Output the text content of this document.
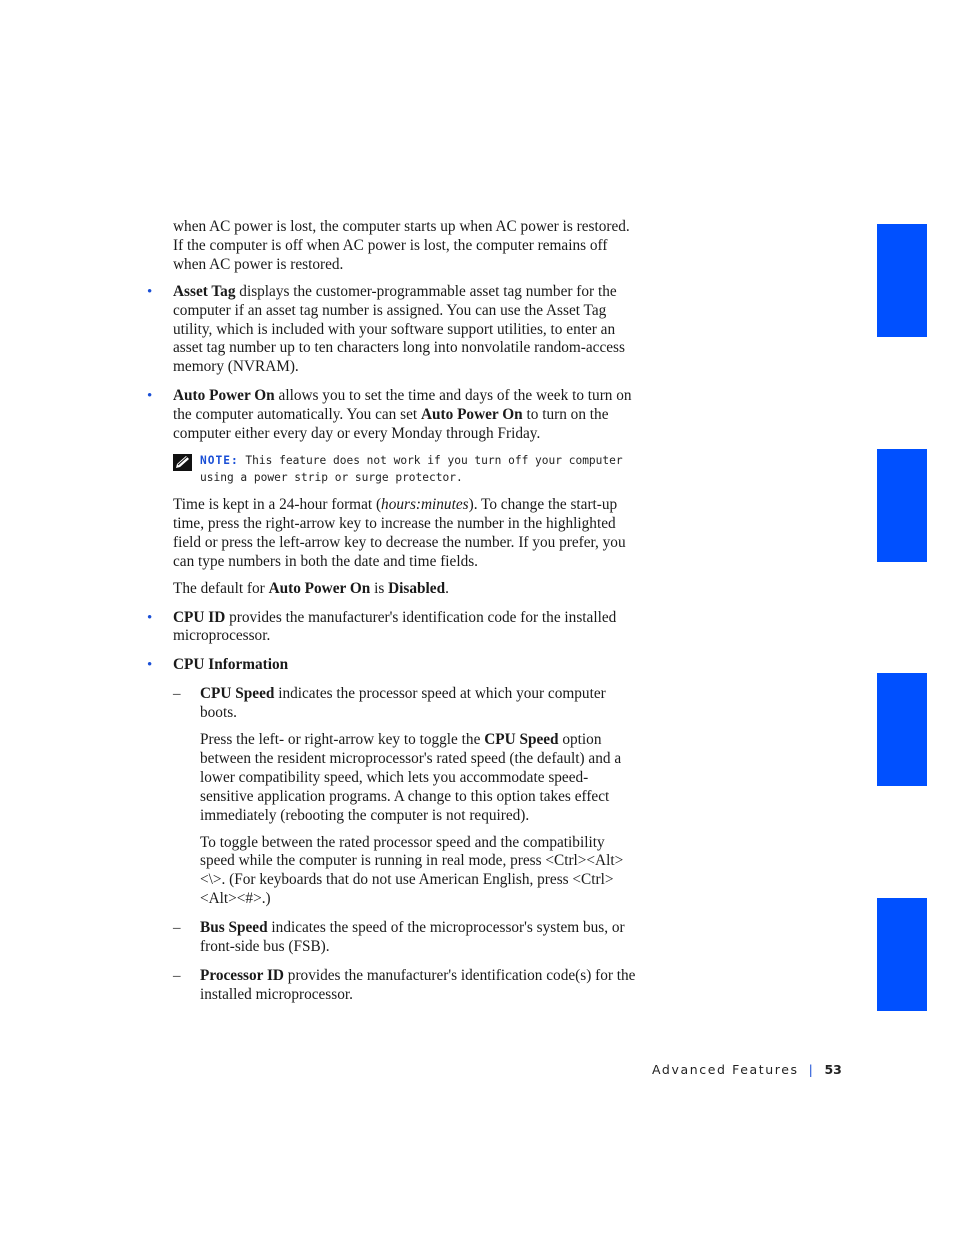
when AC power is lost, the computer starts up when AC power is restored. If the computer is off when AC power is lost, the computer remains off when AC power is restored.

• Asset Tag displays the customer-programmable asset tag number for the computer if an asset tag number is assigned. You can use the Asset Tag utility, which is included with your software support utilities, to enter an asset tag number up to ten characters long into nonvolatile random-access memory (NVRAM).

• Auto Power On allows you to set the time and days of the week to turn on the computer automatically. You can set Auto Power On to turn on the computer either every day or every Monday through Friday.

NOTE: This feature does not work if you turn off your computer using a power strip or surge protector.

Time is kept in a 24-hour format (hours:minutes). To change the start-up time, press the right-arrow key to increase the number in the highlighted field or press the left-arrow key to decrease the number. If you prefer, you can type numbers in both the date and time fields.

The default for Auto Power On is Disabled.

• CPU ID provides the manufacturer's identification code for the installed microprocessor.

• CPU Information

– CPU Speed indicates the processor speed at which your computer boots.

Press the left- or right-arrow key to toggle the CPU Speed option between the resident microprocessor's rated speed (the default) and a lower compatibility speed, which lets you accommodate speed-sensitive application programs. A change to this option takes effect immediately (rebooting the computer is not required).

To toggle between the rated processor speed and the compatibility speed while the computer is running in real mode, press <Ctrl><Alt><\>. (For keyboards that do not use American English, press <Ctrl><Alt><#>.)

– Bus Speed indicates the speed of the microprocessor's system bus, or front-side bus (FSB).

– Processor ID provides the manufacturer's identification code(s) for the installed microprocessor.

Advanced Features | 53
